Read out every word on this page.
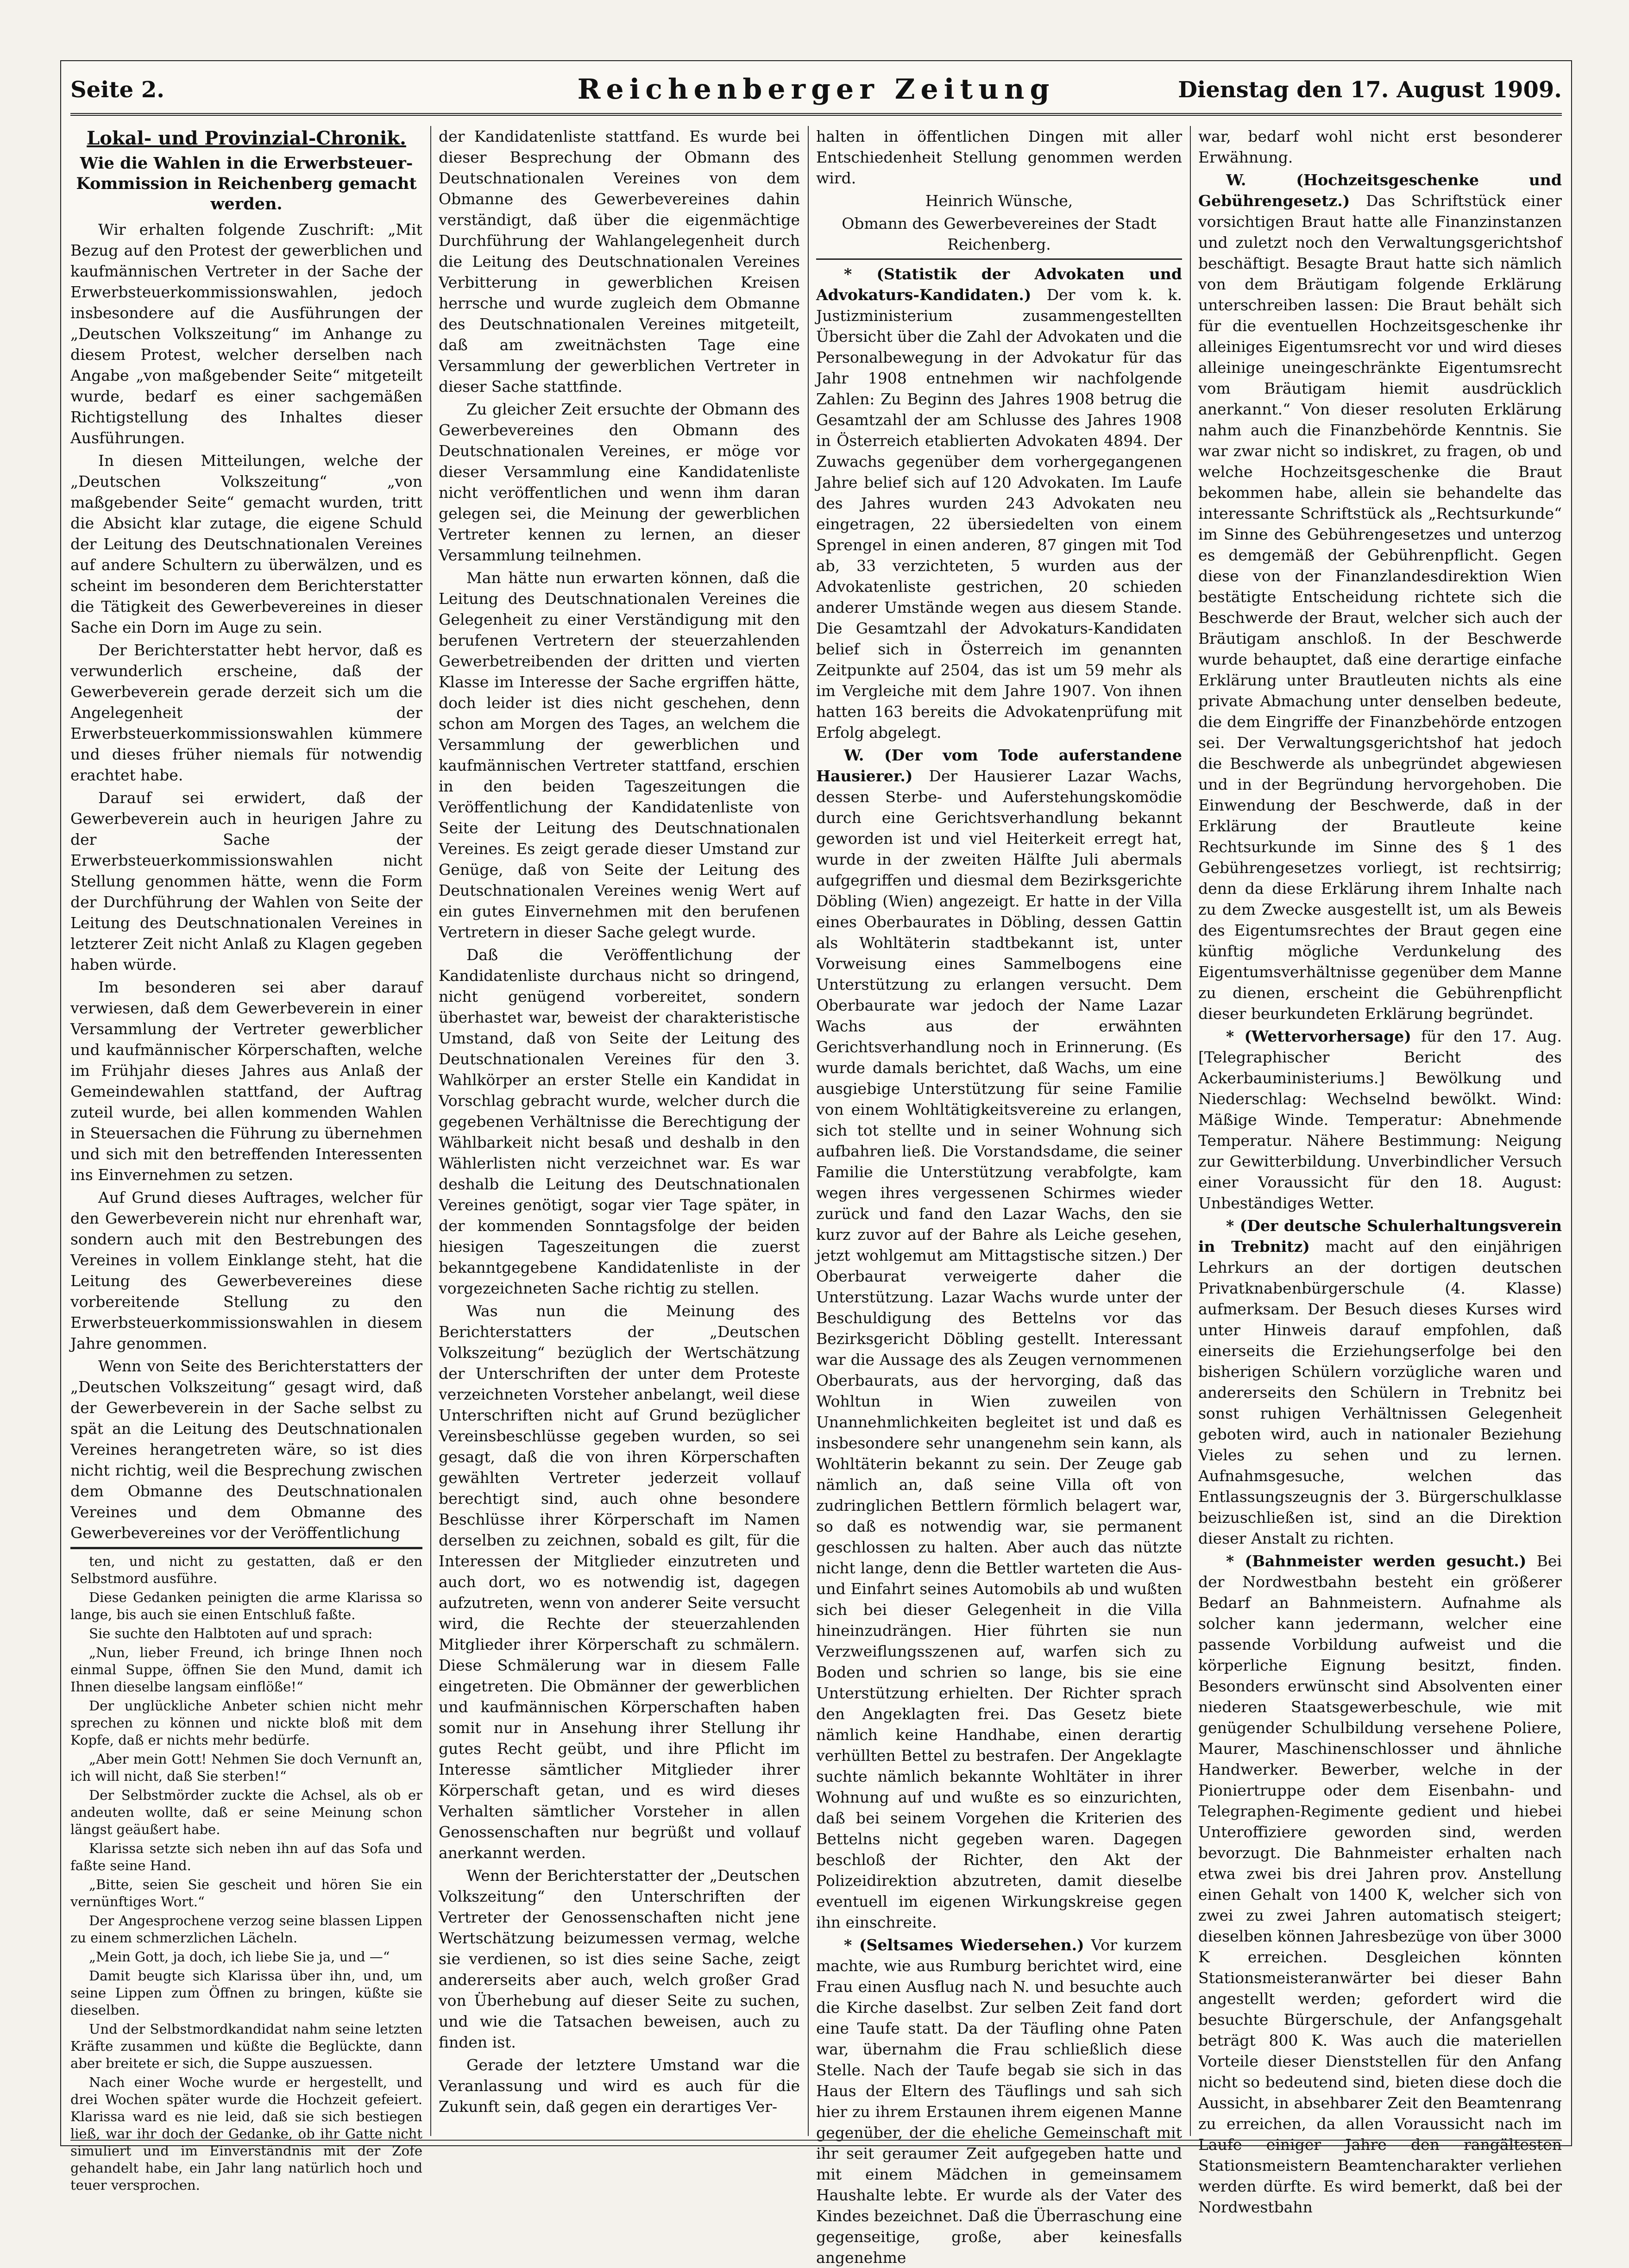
Seite 2.	Reichenberger Zeitung	Dienstag den 17. August 1909.
Lokal- und Provinzial-Chronik.
Wie die Wahlen in die Erwerbsteuer-Kommission in Reichenberg gemacht werden.

Wir erhalten folgende Zuschrift: „Mit Bezug auf den Protest der gewerblichen und kaufmännischen Vertreter in der Sache der Erwerbsteuerkommissionswahlen, jedoch insbesondere auf die Ausführungen der „Deutschen Volkszeitung“ im Anhange zu diesem Protest, welcher derselben nach Angabe „von maßgebender Seite“ mitgeteilt wurde, bedarf es einer sachgemäßen Richtigstellung des Inhaltes dieser Ausführungen.

In diesen Mitteilungen, welche der „Deutschen Volkszeitung“ „von maßgebender Seite“ gemacht wurden, tritt die Absicht klar zutage, die eigene Schuld der Leitung des Deutschnationalen Vereines auf andere Schultern zu überwälzen, und es scheint im besonderen dem Berichterstatter die Tätigkeit des Gewerbevereines in dieser Sache ein Dorn im Auge zu sein.

Der Berichterstatter hebt hervor, daß es verwunderlich erscheine, daß der Gewerbeverein gerade derzeit sich um die Angelegenheit der Erwerbsteuerkommissionswahlen kümmere und dieses früher niemals für notwendig erachtet habe.

Darauf sei erwidert, daß der Gewerbeverein auch in heurigen Jahre zu der Sache der Erwerbsteuerkommissionswahlen nicht Stellung genommen hätte, wenn die Form der Durchführung der Wahlen von Seite der Leitung des Deutschnationalen Vereines in letzterer Zeit nicht Anlaß zu Klagen gegeben haben würde.

Im besonderen sei aber darauf verwiesen, daß dem Gewerbeverein in einer Versammlung der Vertreter gewerblicher und kaufmännischer Körperschaften, welche im Frühjahr dieses Jahres aus Anlaß der Gemeindewahlen stattfand, der Auftrag zuteil wurde, bei allen kommenden Wahlen in Steuersachen die Führung zu übernehmen und sich mit den betreffenden Interessenten ins Einvernehmen zu setzen.

Auf Grund dieses Auftrages, welcher für den Gewerbeverein nicht nur ehrenhaft war, sondern auch mit den Bestrebungen des Vereines in vollem Einklange steht, hat die Leitung des Gewerbevereines diese vorbereitende Stellung zu den Erwerbsteuerkommissionswahlen in diesem Jahre genommen.

Wenn von Seite des Berichterstatters der „Deutschen Volkszeitung“ gesagt wird, daß der Gewerbeverein in der Sache selbst zu spät an die Leitung des Deutschnationalen Vereines herangetreten wäre, so ist dies nicht richtig, weil die Besprechung zwischen dem Obmanne des Deutschnationalen Vereines und dem Obmanne des Gewerbevereines vor der Veröffentlichung

ten, und nicht zu gestatten, daß er den Selbstmord ausführe.

Diese Gedanken peinigten die arme Klarissa so lange, bis auch sie einen Entschluß faßte.

Sie suchte den Halbtoten auf und sprach:

„Nun, lieber Freund, ich bringe Ihnen noch einmal Suppe, öffnen Sie den Mund, damit ich Ihnen dieselbe langsam einflöße!“

Der unglückliche Anbeter schien nicht mehr sprechen zu können und nickte bloß mit dem Kopfe, daß er nichts mehr bedürfe.

„Aber mein Gott! Nehmen Sie doch Vernunft an, ich will nicht, daß Sie sterben!“

Der Selbstmörder zuckte die Achsel, als ob er andeuten wollte, daß er seine Meinung schon längst geäußert habe.

Klarissa setzte sich neben ihn auf das Sofa und faßte seine Hand.

„Bitte, seien Sie gescheit und hören Sie ein vernünftiges Wort.“

Der Angesprochene verzog seine blassen Lippen zu einem schmerzlichen Lächeln.

„Mein Gott, ja doch, ich liebe Sie ja, und —“

Damit beugte sich Klarissa über ihn, und, um seine Lippen zum Öffnen zu bringen, küßte sie dieselben.

Und der Selbstmordkandidat nahm seine letzten Kräfte zusammen und küßte die Beglückte, dann aber breitete er sich, die Suppe auszuessen.

Nach einer Woche wurde er hergestellt, und drei Wochen später wurde die Hochzeit gefeiert. Klarissa ward es nie leid, daß sie sich bestiegen ließ, war ihr doch der Gedanke, ob ihr Gatte nicht simuliert und im Einverständnis mit der Zofe gehandelt habe, ein Jahr lang natürlich hoch und teuer versprochen.

der Kandidatenliste stattfand. Es wurde bei dieser Besprechung der Obmann des Deutschnationalen Vereines von dem Obmanne des Gewerbevereines dahin verständigt, daß über die eigenmächtige Durchführung der Wahlangelegenheit durch die Leitung des Deutschnationalen Vereines Verbitterung in gewerblichen Kreisen herrsche und wurde zugleich dem Obmanne des Deutschnationalen Vereines mitgeteilt, daß am zweitnächsten Tage eine Versammlung der gewerblichen Vertreter in dieser Sache stattfinde.

Zu gleicher Zeit ersuchte der Obmann des Gewerbevereines den Obmann des Deutschnationalen Vereines, er möge vor dieser Versammlung eine Kandidatenliste nicht veröffentlichen und wenn ihm daran gelegen sei, die Meinung der gewerblichen Vertreter kennen zu lernen, an dieser Versammlung teilnehmen.

Man hätte nun erwarten können, daß die Leitung des Deutschnationalen Vereines die Gelegenheit zu einer Verständigung mit den berufenen Vertretern der steuerzahlenden Gewerbetreibenden der dritten und vierten Klasse im Interesse der Sache ergriffen hätte, doch leider ist dies nicht geschehen, denn schon am Morgen des Tages, an welchem die Versammlung der gewerblichen und kaufmännischen Vertreter stattfand, erschien in den beiden Tageszeitungen die Veröffentlichung der Kandidatenliste von Seite der Leitung des Deutschnationalen Vereines. Es zeigt gerade dieser Umstand zur Genüge, daß von Seite der Leitung des Deutschnationalen Vereines wenig Wert auf ein gutes Einvernehmen mit den berufenen Vertretern in dieser Sache gelegt wurde.

Daß die Veröffentlichung der Kandidatenliste durchaus nicht so dringend, nicht genügend vorbereitet, sondern überhastet war, beweist der charakteristische Umstand, daß von Seite der Leitung des Deutschnationalen Vereines für den 3. Wahlkörper an erster Stelle ein Kandidat in Vorschlag gebracht wurde, welcher durch die gegebenen Verhältnisse die Berechtigung der Wählbarkeit nicht besaß und deshalb in den Wählerlisten nicht verzeichnet war. Es war deshalb die Leitung des Deutschnationalen Vereines genötigt, sogar vier Tage später, in der kommenden Sonntagsfolge der beiden hiesigen Tageszeitungen die zuerst bekanntgegebene Kandidatenliste in der vorgezeichneten Sache richtig zu stellen.

Was nun die Meinung des Berichterstatters der „Deutschen Volkszeitung“ bezüglich der Wertschätzung der Unterschriften der unter dem Proteste verzeichneten Vorsteher anbelangt, weil diese Unterschriften nicht auf Grund bezüglicher Vereinsbeschlüsse gegeben wurden, so sei gesagt, daß die von ihren Körperschaften gewählten Vertreter jederzeit vollauf berechtigt sind, auch ohne besondere Beschlüsse ihrer Körperschaft im Namen derselben zu zeichnen, sobald es gilt, für die Interessen der Mitglieder einzutreten und auch dort, wo es notwendig ist, dagegen aufzutreten, wenn von anderer Seite versucht wird, die Rechte der steuerzahlenden Mitglieder ihrer Körperschaft zu schmälern. Diese Schmälerung war in diesem Falle eingetreten. Die Obmänner der gewerblichen und kaufmännischen Körperschaften haben somit nur in Ansehung ihrer Stellung ihr gutes Recht geübt, und ihre Pflicht im Interesse sämtlicher Mitglieder ihrer Körperschaft getan, und es wird dieses Verhalten sämtlicher Vorsteher in allen Genossenschaften nur begrüßt und vollauf anerkannt werden.

Wenn der Berichterstatter der „Deutschen Volkszeitung“ den Unterschriften der Vertreter der Genossenschaften nicht jene Wertschätzung beizumessen vermag, welche sie verdienen, so ist dies seine Sache, zeigt andererseits aber auch, welch großer Grad von Überhebung auf dieser Seite zu suchen, und wie die Tatsachen beweisen, auch zu finden ist.

Gerade der letztere Umstand war die Veranlassung und wird es auch für die Zukunft sein, daß gegen ein derartiges Ver-

halten in öffentlichen Dingen mit aller Entschiedenheit Stellung genommen werden wird.

Heinrich Wünsche,

Obmann des Gewerbevereines der Stadt Reichenberg.

* (Statistik der Advokaten und Advokaturs-Kandidaten.) Der vom k. k. Justizministerium zusammengestellten Übersicht über die Zahl der Advokaten und die Personalbewegung in der Advokatur für das Jahr 1908 entnehmen wir nachfolgende Zahlen: Zu Beginn des Jahres 1908 betrug die Gesamtzahl der am Schlusse des Jahres 1908 in Österreich etablierten Advokaten 4894. Der Zuwachs gegenüber dem vorhergegangenen Jahre belief sich auf 120 Advokaten. Im Laufe des Jahres wurden 243 Advokaten neu eingetragen, 22 übersiedelten von einem Sprengel in einen anderen, 87 gingen mit Tod ab, 33 verzichteten, 5 wurden aus der Advokatenliste gestrichen, 20 schieden anderer Umstände wegen aus diesem Stande. Die Gesamtzahl der Advokaturs-Kandidaten belief sich in Österreich im genannten Zeitpunkte auf 2504, das ist um 59 mehr als im Vergleiche mit dem Jahre 1907. Von ihnen hatten 163 bereits die Advokatenprüfung mit Erfolg abgelegt.

W. (Der vom Tode auferstandene Hausierer.) Der Hausierer Lazar Wachs, dessen Sterbe- und Auferstehungskomödie durch eine Gerichtsverhandlung bekannt geworden ist und viel Heiterkeit erregt hat, wurde in der zweiten Hälfte Juli abermals aufgegriffen und diesmal dem Bezirksgerichte Döbling (Wien) angezeigt. Er hatte in der Villa eines Oberbaurates in Döbling, dessen Gattin als Wohltäterin stadtbekannt ist, unter Vorweisung eines Sammelbogens eine Unterstützung zu erlangen versucht. Dem Oberbaurate war jedoch der Name Lazar Wachs aus der erwähnten Gerichtsverhandlung noch in Erinnerung. (Es wurde damals berichtet, daß Wachs, um eine ausgiebige Unterstützung für seine Familie von einem Wohltätigkeitsvereine zu erlangen, sich tot stellte und in seiner Wohnung sich aufbahren ließ. Die Vorstandsdame, die seiner Familie die Unterstützung verabfolgte, kam wegen ihres vergessenen Schirmes wieder zurück und fand den Lazar Wachs, den sie kurz zuvor auf der Bahre als Leiche gesehen, jetzt wohlgemut am Mittagstische sitzen.) Der Oberbaurat verweigerte daher die Unterstützung. Lazar Wachs wurde unter der Beschuldigung des Bettelns vor das Bezirksgericht Döbling gestellt. Interessant war die Aussage des als Zeugen vernommenen Oberbaurats, aus der hervorging, daß das Wohltun in Wien zuweilen von Unannehmlichkeiten begleitet ist und daß es insbesondere sehr unangenehm sein kann, als Wohltäterin bekannt zu sein. Der Zeuge gab nämlich an, daß seine Villa oft von zudringlichen Bettlern förmlich belagert war, so daß es notwendig war, sie permanent geschlossen zu halten. Aber auch das nützte nicht lange, denn die Bettler warteten die Aus- und Einfahrt seines Automobils ab und wußten sich bei dieser Gelegenheit in die Villa hineinzudrängen. Hier führten sie nun Verzweiflungsszenen auf, warfen sich zu Boden und schrien so lange, bis sie eine Unterstützung erhielten. Der Richter sprach den Angeklagten frei. Das Gesetz biete nämlich keine Handhabe, einen derartig verhüllten Bettel zu bestrafen. Der Angeklagte suchte nämlich bekannte Wohltäter in ihrer Wohnung auf und wußte es so einzurichten, daß bei seinem Vorgehen die Kriterien des Bettelns nicht gegeben waren. Dagegen beschloß der Richter, den Akt der Polizeidirektion abzutreten, damit dieselbe eventuell im eigenen Wirkungskreise gegen ihn einschreite.

* (Seltsames Wiedersehen.) Vor kurzem machte, wie aus Rumburg berichtet wird, eine Frau einen Ausflug nach N. und besuchte auch die Kirche daselbst. Zur selben Zeit fand dort eine Taufe statt. Da der Täufling ohne Paten war, übernahm die Frau schließlich diese Stelle. Nach der Taufe begab sie sich in das Haus der Eltern des Täuflings und sah sich hier zu ihrem Erstaunen ihrem eigenen Manne gegenüber, der die eheliche Gemeinschaft mit ihr seit geraumer Zeit aufgegeben hatte und mit einem Mädchen in gemeinsamem Haushalte lebte. Er wurde als der Vater des Kindes bezeichnet. Daß die Überraschung eine gegenseitige, große, aber keinesfalls angenehme

war, bedarf wohl nicht erst besonderer Erwähnung.

W. (Hochzeitsgeschenke und Gebührengesetz.) Das Schriftstück einer vorsichtigen Braut hatte alle Finanzinstanzen und zuletzt noch den Verwaltungsgerichtshof beschäftigt. Besagte Braut hatte sich nämlich von dem Bräutigam folgende Erklärung unterschreiben lassen: Die Braut behält sich für die eventuellen Hochzeitsgeschenke ihr alleiniges Eigentumsrecht vor und wird dieses alleinige uneingeschränkte Eigentumsrecht vom Bräutigam hiemit ausdrücklich anerkannt.“ Von dieser resoluten Erklärung nahm auch die Finanzbehörde Kenntnis. Sie war zwar nicht so indiskret, zu fragen, ob und welche Hochzeitsgeschenke die Braut bekommen habe, allein sie behandelte das interessante Schriftstück als „Rechtsurkunde“ im Sinne des Gebührengesetzes und unterzog es demgemäß der Gebührenpflicht. Gegen diese von der Finanzlandesdirektion Wien bestätigte Entscheidung richtete sich die Beschwerde der Braut, welcher sich auch der Bräutigam anschloß. In der Beschwerde wurde behauptet, daß eine derartige einfache Erklärung unter Brautleuten nichts als eine private Abmachung unter denselben bedeute, die dem Eingriffe der Finanzbehörde entzogen sei. Der Verwaltungsgerichtshof hat jedoch die Beschwerde als unbegründet abgewiesen und in der Begründung hervorgehoben. Die Einwendung der Beschwerde, daß in der Erklärung der Brautleute keine Rechtsurkunde im Sinne des § 1 des Gebührengesetzes vorliegt, ist rechtsirrig; denn da diese Erklärung ihrem Inhalte nach zu dem Zwecke ausgestellt ist, um als Beweis des Eigentumsrechtes der Braut gegen eine künftig mögliche Verdunkelung des Eigentumsverhältnisse gegenüber dem Manne zu dienen, erscheint die Gebührenpflicht dieser beurkundeten Erklärung begründet.

* (Wettervorhersage) für den 17. Aug. [Telegraphischer Bericht des Ackerbauministeriums.] Bewölkung und Niederschlag: Wechselnd bewölkt. Wind: Mäßige Winde. Temperatur: Abnehmende Temperatur. Nähere Bestimmung: Neigung zur Gewitterbildung. Unverbindlicher Versuch einer Voraussicht für den 18. August: Unbeständiges Wetter.

* (Der deutsche Schulerhaltungsverein in Trebnitz) macht auf den einjährigen Lehrkurs an der dortigen deutschen Privatknabenbürgerschule (4. Klasse) aufmerksam. Der Besuch dieses Kurses wird unter Hinweis darauf empfohlen, daß einerseits die Erziehungserfolge bei den bisherigen Schülern vorzügliche waren und andererseits den Schülern in Trebnitz bei sonst ruhigen Verhältnissen Gelegenheit geboten wird, auch in nationaler Beziehung Vieles zu sehen und zu lernen. Aufnahmsgesuche, welchen das Entlassungszeugnis der 3. Bürgerschulklasse beizuschließen ist, sind an die Direktion dieser Anstalt zu richten.

* (Bahnmeister werden gesucht.) Bei der Nordwestbahn besteht ein größerer Bedarf an Bahnmeistern. Aufnahme als solcher kann jedermann, welcher eine passende Vorbildung aufweist und die körperliche Eignung besitzt, finden. Besonders erwünscht sind Absolventen einer niederen Staatsgewerbeschule, wie mit genügender Schulbildung versehene Poliere, Maurer, Maschinenschlosser und ähnliche Handwerker. Bewerber, welche in der Pioniertruppe oder dem Eisenbahn- und Telegraphen-Regimente gedient und hiebei Unteroffiziere geworden sind, werden bevorzugt. Die Bahnmeister erhalten nach etwa zwei bis drei Jahren prov. Anstellung einen Gehalt von 1400 K, welcher sich von zwei zu zwei Jahren automatisch steigert; dieselben können Jahresbezüge von über 3000 K erreichen. Desgleichen könnten Stationsmeisteranwärter bei dieser Bahn angestellt werden; gefordert wird die besuchte Bürgerschule, der Anfangsgehalt beträgt 800 K. Was auch die materiellen Vorteile dieser Dienststellen für den Anfang nicht so bedeutend sind, bieten diese doch die Aussicht, in absehbarer Zeit den Beamtenrang zu erreichen, da allen Voraussicht nach im Laufe einiger Jahre den rangältesten Stationsmeistern Beamtencharakter verliehen werden dürfte. Es wird bemerkt, daß bei der Nordwestbahn
